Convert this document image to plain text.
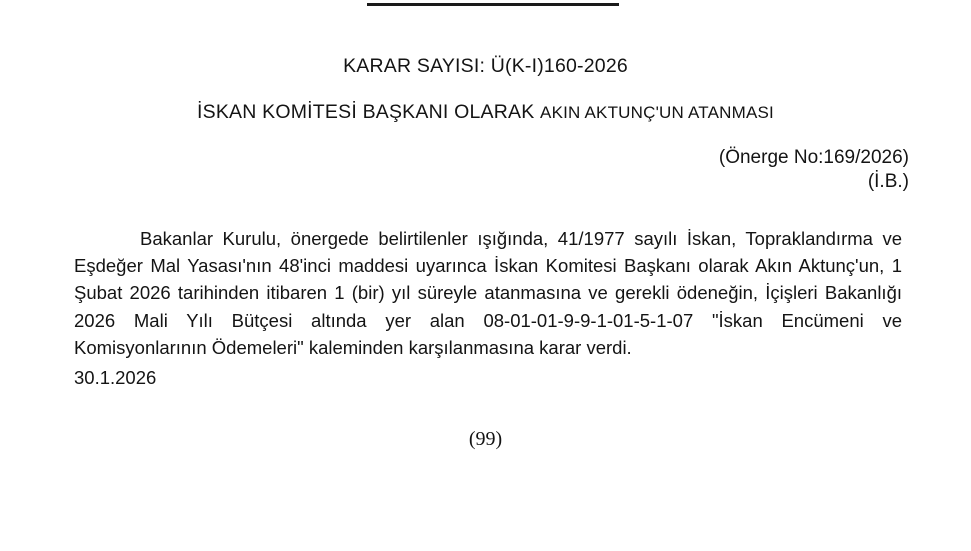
KARAR SAYISI: Ü(K-I)160-2026
İSKAN KOMİTESİ BAŞKANI OLARAK AKIN AKTUNÇ'UN ATANMASI
(Önerge No:169/2026)
(İ.B.)
Bakanlar Kurulu, önergede belirtilenler ışığında, 41/1977 sayılı İskan, Topraklandırma ve Eşdeğer Mal Yasası'nın 48'inci maddesi uyarınca İskan Komitesi Başkanı olarak Akın Aktunç'un, 1 Şubat 2026 tarihinden itibaren 1 (bir) yıl süreyle atanmasına ve gerekli ödeneğin, İçişleri Bakanlığı 2026 Mali Yılı Bütçesi altında yer alan 08-01-01-9-9-1-01-5-1-07 "İskan Encümeni ve Komisyonlarının Ödemeleri" kaleminden karşılanmasına karar verdi.
30.1.2026
(99)
